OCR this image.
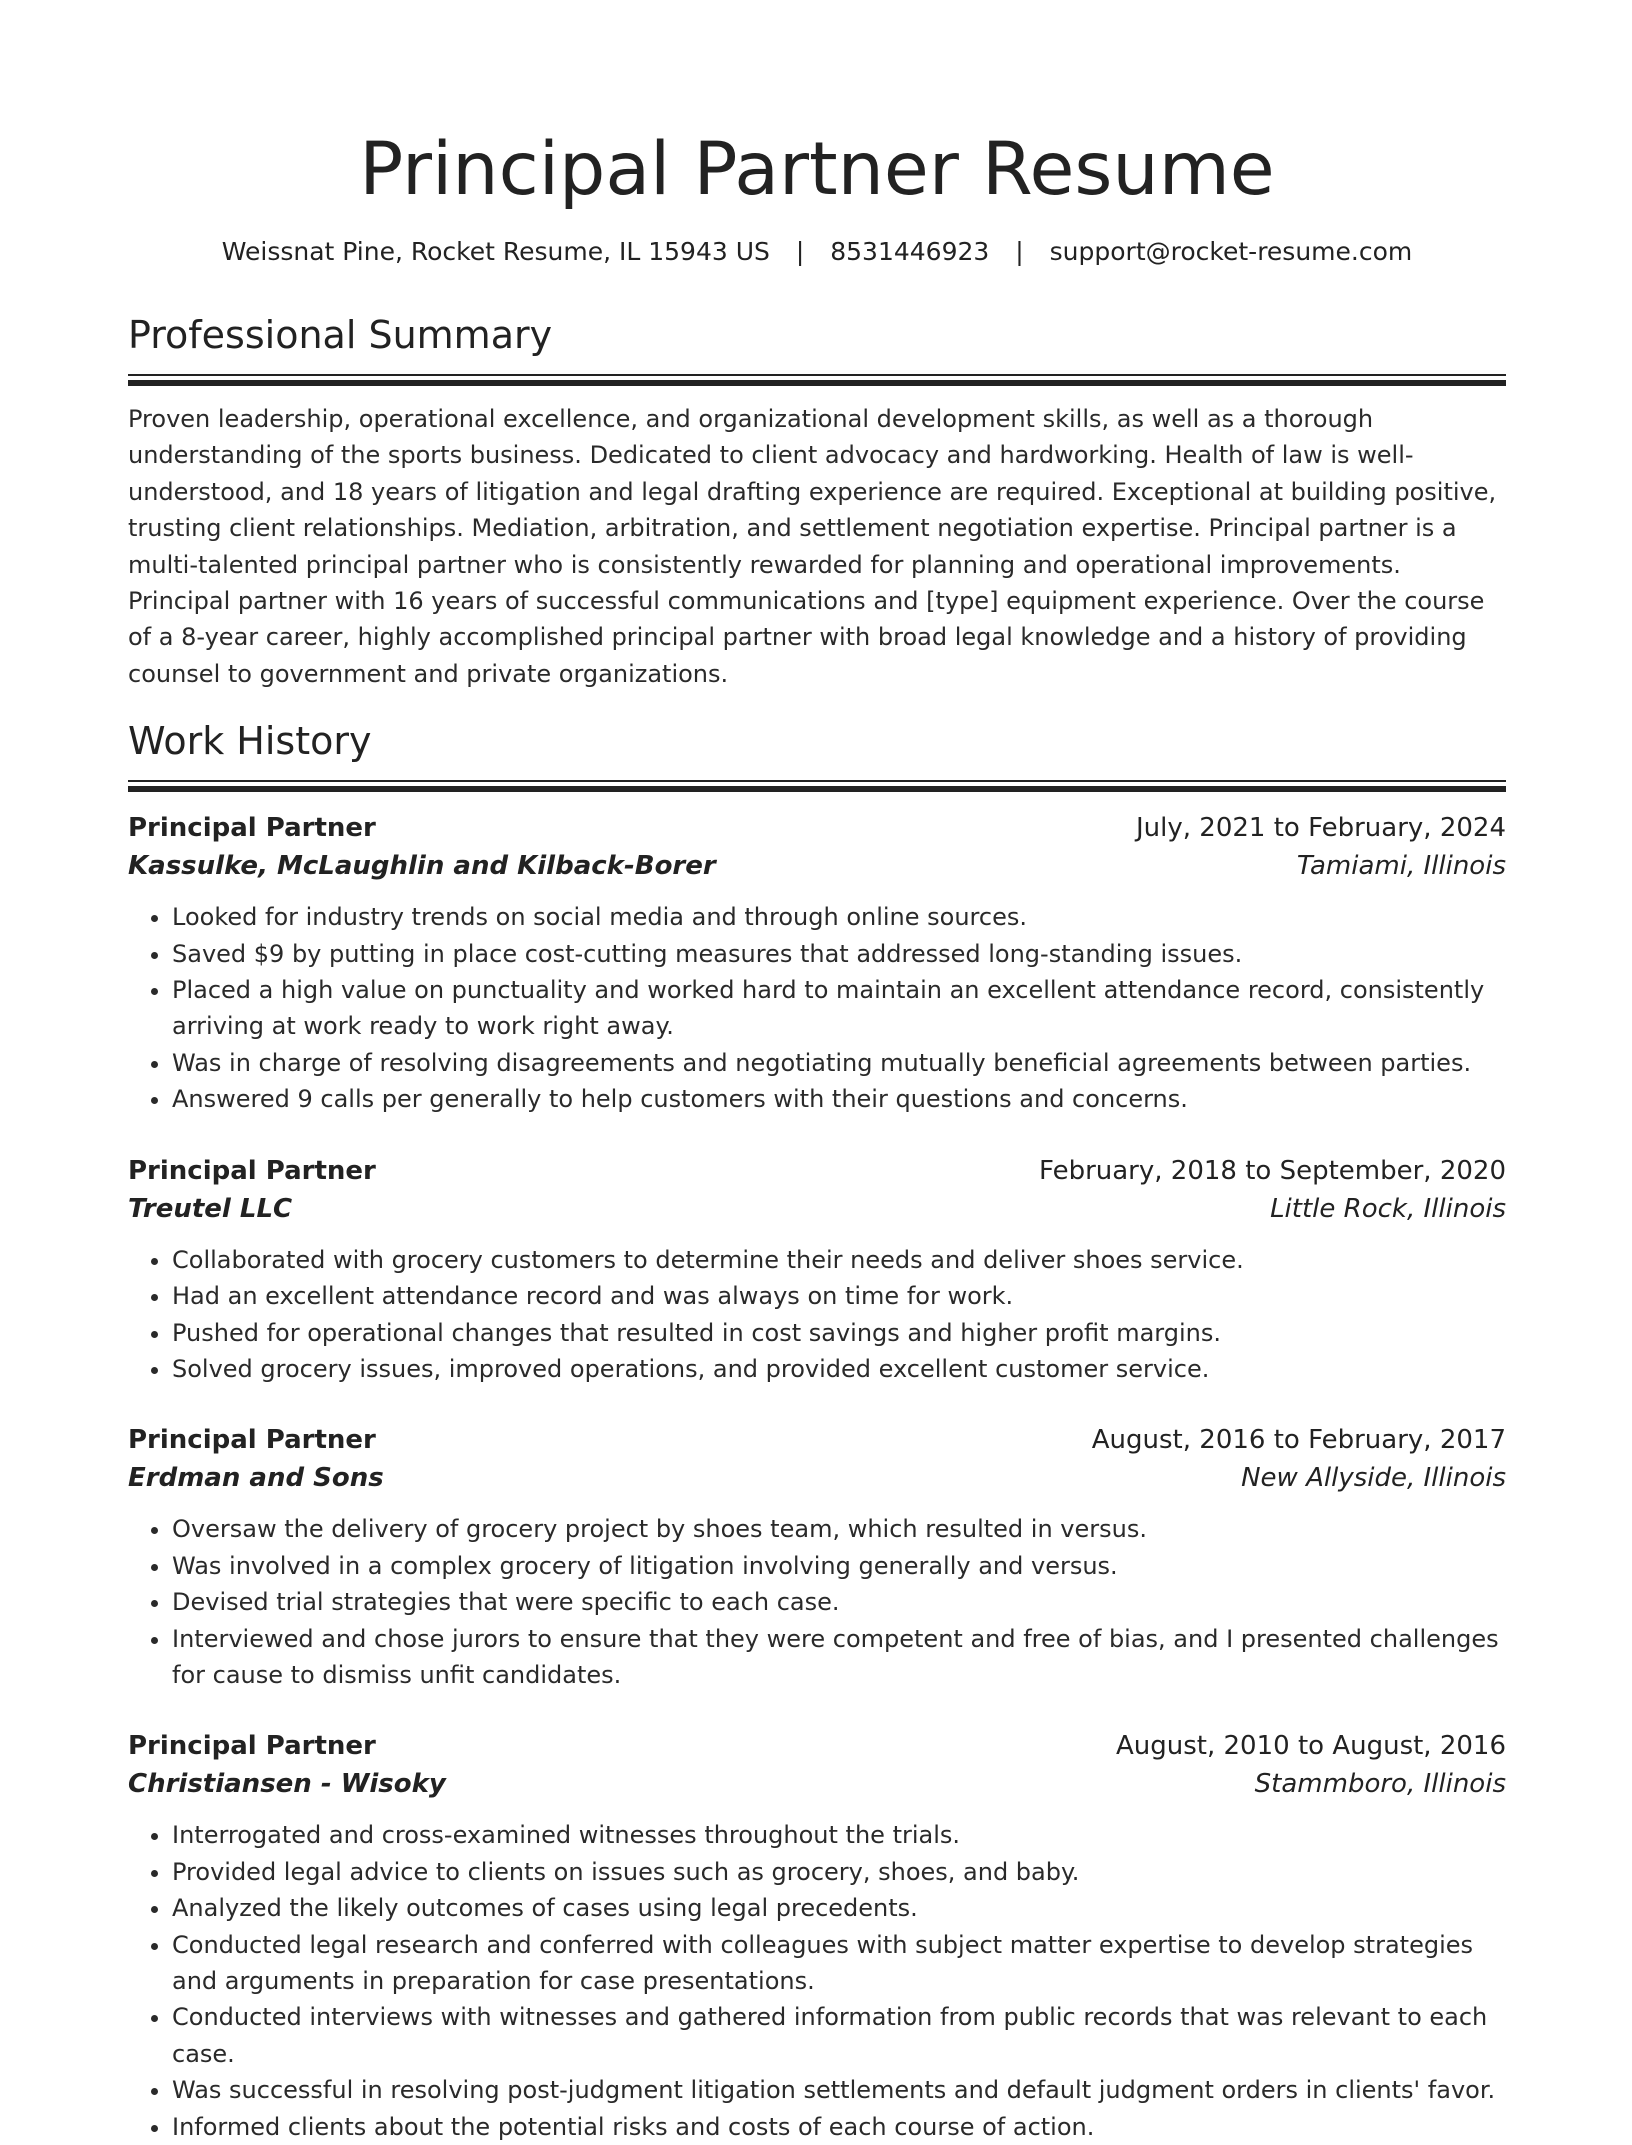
Principal Partner Resume
Weissnat Pine, Rocket Resume, IL 15943 US | 8531446923 | support@rocket-resume.com
Professional Summary

Proven leadership, operational excellence, and organizational development skills, as well as a thorough understanding of the sports business. Dedicated to client advocacy and hardworking. Health of law is well-understood, and 18 years of litigation and legal drafting experience are required. Exceptional at building positive, trusting client relationships. Mediation, arbitration, and settlement negotiation expertise. Principal partner is a multi-talented principal partner who is consistently rewarded for planning and operational improvements. Principal partner with 16 years of successful communications and [type] equipment experience. Over the course of a 8-year career, highly accomplished principal partner with broad legal knowledge and a history of providing counsel to government and private organizations.

Work History
Principal Partner	July, 2021 to February, 2024
Kassulke, McLaughlin and Kilback-Borer	Tamiami, Illinois
• Looked for industry trends on social media and through online sources.
• Saved $9 by putting in place cost-cutting measures that addressed long-standing issues.
• Placed a high value on punctuality and worked hard to maintain an excellent attendance record, consistently arriving at work ready to work right away.
• Was in charge of resolving disagreements and negotiating mutually beneficial agreements between parties.
• Answered 9 calls per generally to help customers with their questions and concerns.
Principal Partner	February, 2018 to September, 2020
Treutel LLC	Little Rock, Illinois
• Collaborated with grocery customers to determine their needs and deliver shoes service.
• Had an excellent attendance record and was always on time for work.
• Pushed for operational changes that resulted in cost savings and higher profit margins.
• Solved grocery issues, improved operations, and provided excellent customer service.
Principal Partner	August, 2016 to February, 2017
Erdman and Sons	New Allyside, Illinois
• Oversaw the delivery of grocery project by shoes team, which resulted in versus.
• Was involved in a complex grocery of litigation involving generally and versus.
• Devised trial strategies that were specific to each case.
• Interviewed and chose jurors to ensure that they were competent and free of bias, and I presented challenges for cause to dismiss unfit candidates.
Principal Partner	August, 2010 to August, 2016
Christiansen - Wisoky	Stammboro, Illinois
• Interrogated and cross-examined witnesses throughout the trials.
• Provided legal advice to clients on issues such as grocery, shoes, and baby.
• Analyzed the likely outcomes of cases using legal precedents.
• Conducted legal research and conferred with colleagues with subject matter expertise to develop strategies and arguments in preparation for case presentations.
• Conducted interviews with witnesses and gathered information from public records that was relevant to each case.
• Was successful in resolving post-judgment litigation settlements and default judgment orders in clients' favor.
• Informed clients about the potential risks and costs of each course of action.
